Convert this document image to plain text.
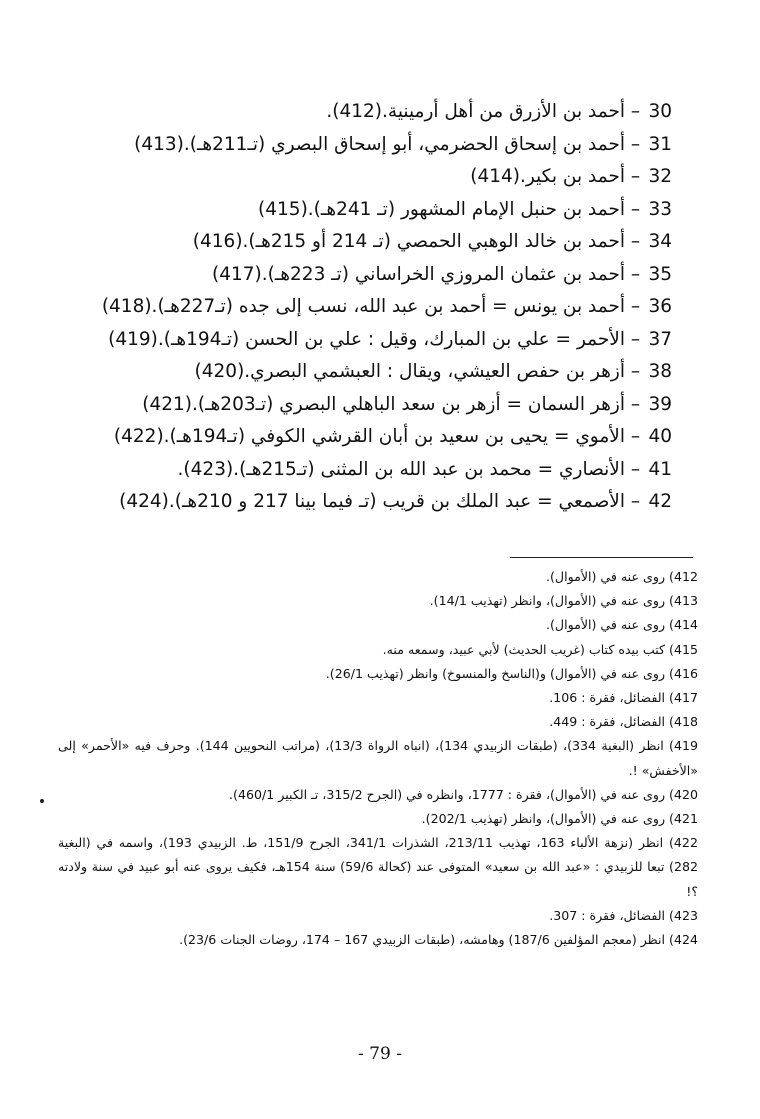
30 – أحمد بن الأزرق من أهل أرمينية.(412).
31 – أحمد بن إسحاق الحضرمي، أبو إسحاق البصري (تـ211هـ).(413)
32 – أحمد بن بكير.(414)
33 – أحمد بن حنبل الإمام المشهور (تـ 241هـ).(415)
34 – أحمد بن خالد الوهبي الحمصي (تـ 214 أو 215هـ).(416)
35 – أحمد بن عثمان المروزي الخراساني (تـ 223هـ).(417)
36 – أحمد بن يونس = أحمد بن عبد الله، نسب إلى جده (تـ227هـ).(418)
37 – الأحمر = علي بن المبارك، وقيل : علي بن الحسن (تـ194هـ).(419)
38 – أزهر بن حفص العيشي، ويقال : العبشمي البصري.(420)
39 – أزهر السمان = أزهر بن سعد الباهلي البصري (تـ203هـ).(421)
40 – الأموي = يحيى بن سعيد بن أبان القرشي الكوفي (تـ194هـ).(422)
41 – الأنصاري = محمد بن عبد الله بن المثنى (تـ215هـ).(423).
42 – الأصمعي = عبد الملك بن قريب (تـ فيما بينا 217 و 210هـ).(424)
412) روى عنه في (الأموال).
413) روى عنه في (الأموال)، وانظر (تهذيب 14/1).
414) روى عنه في (الأموال).
415) كتب بيده كتاب (غريب الحديث) لأبي عبيد، وسمعه منه.
416) روى عنه في (الأموال) و(الناسخ والمنسوخ) وانظر (تهذيب 26/1).
417) الفضائل، فقرة : 106.
418) الفضائل، فقرة : 449.
419) انظر (البغية 334)، (طبقات الزبيدي 134)، (انباه الرواة 13/3)، (مراتب النحويين 144). وحرف فيه «الأحمر» إلى «الأخفش» !.
420) روى عنه في (الأموال)، فقرة : 1777، وانظره في (الجرح 315/2، تـ الكبير 460/1).
421) روى عنه في (الأموال)، وانظر (تهذيب 202/1).
422) انظر (نزهة الألباء 163، تهذيب 213/11، الشذرات 341/1، الجرح 151/9، ط. الزبيدي 193)، واسمه في (البغية 282) تبعا للزبيدي : «عبد الله بن سعيد» المتوفى عند (كحالة 59/6) سنة 154هـ، فكيف يروى عنه أبو عبيد في سنة ولادته ؟!
423) الفضائل، فقرة : 307.
424) انظر (معجم المؤلفين 187/6) وهامشه، (طبقات الزبيدي 167 – 174، روضات الجنات 23/6).
- 79 -
